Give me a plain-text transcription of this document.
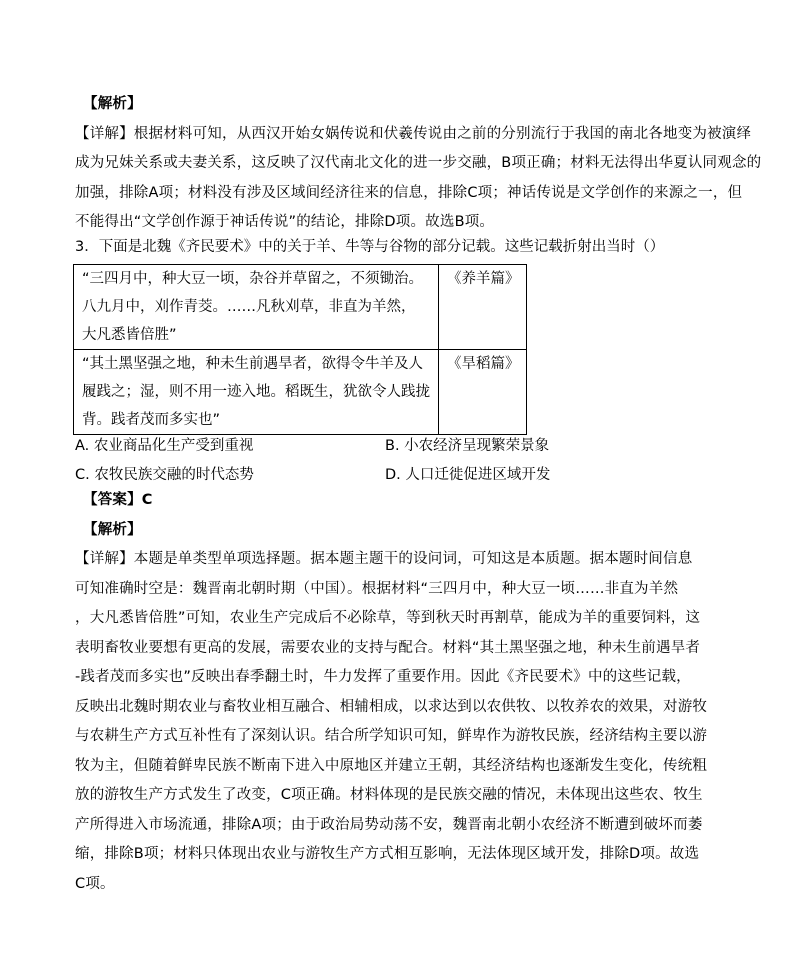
【解析】
【详解】根据材料可知，从西汉开始女娲传说和伏羲传说由之前的分别流行于我国的南北各地变为被演绎
成为兄妹关系或夫妻关系，这反映了汉代南北文化的进一步交融，B项正确；材料无法得出华夏认同观念的
加强，排除A项；材料没有涉及区域间经济往来的信息，排除C项；神话传说是文学创作的来源之一，但
不能得出“文学创作源于神话传说”的结论，排除D项。故选B项。
3．下面是北魏《齐民要术》中的关于羊、牛等与谷物的部分记载。这些记载折射出当时（）
“三四月中，种大豆一顷，杂谷并草留之，不须锄治。
八九月中，刈作青茭。……凡秋刈草，非直为羊然，
大凡悉皆倍胜”	《养羊篇》

“其土黑坚强之地，种未生前遇旱者，欲得令牛羊及人
履践之；湿，则不用一迹入地。稻既生，犹欲令人践拢
背。践者茂而多实也”	《旱稻篇》
A. 农业商品化生产受到重视	B. 小农经济呈现繁荣景象
C. 农牧民族交融的时代态势	D. 人口迁徙促进区域开发
【答案】C
【解析】
【详解】本题是单类型单项选择题。据本题主题干的设问词，可知这是本质题。据本题时间信息
可知准确时空是：魏晋南北朝时期（中国）。根据材料“三四月中，种大豆一顷……非直为羊然
，大凡悉皆倍胜”可知，农业生产完成后不必除草，等到秋天时再割草，能成为羊的重要饲料，这
表明畜牧业要想有更高的发展，需要农业的支持与配合。材料“其土黑坚强之地，种未生前遇旱者
-践者茂而多实也”反映出春季翻土时，牛力发挥了重要作用。因此《齐民要术》中的这些记载，
反映出北魏时期农业与畜牧业相互融合、相辅相成，以求达到以农供牧、以牧养农的效果，对游牧
与农耕生产方式互补性有了深刻认识。结合所学知识可知，鲜卑作为游牧民族，经济结构主要以游
牧为主，但随着鲜卑民族不断南下进入中原地区并建立王朝，其经济结构也逐渐发生变化，传统粗
放的游牧生产方式发生了改变，C项正确。材料体现的是民族交融的情况，未体现出这些农、牧生
产所得进入市场流通，排除A项；由于政治局势动荡不安，魏晋南北朝小农经济不断遭到破坏而萎
缩，排除B项；材料只体现出农业与游牧生产方式相互影响，无法体现区域开发，排除D项。故选
C项。
